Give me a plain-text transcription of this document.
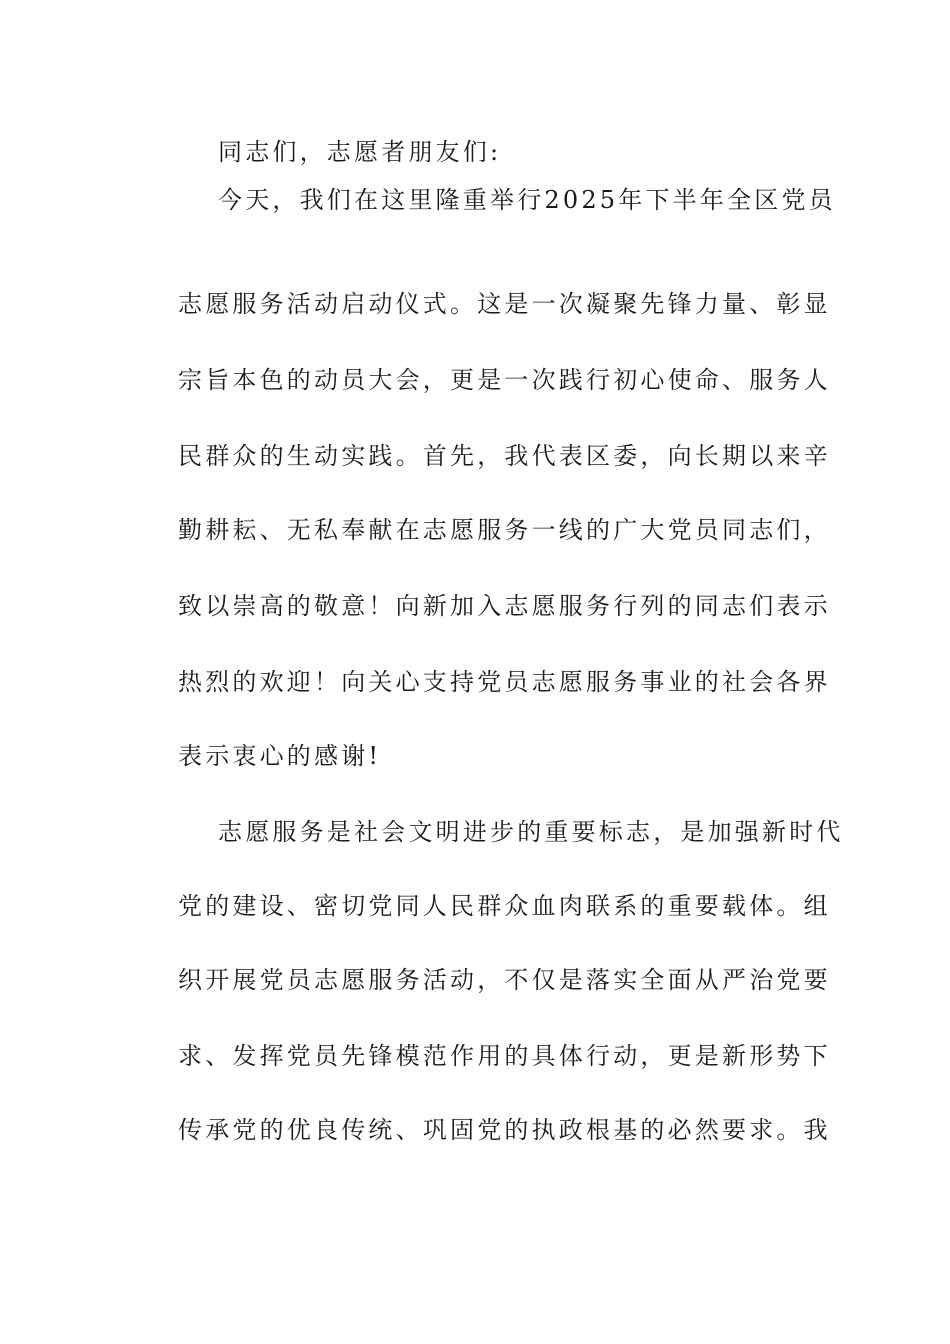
同志们，志愿者朋友们:
今天，我们在这里隆重举行2025年下半年全区党员
志愿服务活动启动仪式。这是一次凝聚先锋力量、彰显
宗旨本色的动员大会，更是一次践行初心使命、服务人
民群众的生动实践。首先，我代表区委，向长期以来辛
勤耕耘、无私奉献在志愿服务一线的广大党员同志们，
致以崇高的敬意！向新加入志愿服务行列的同志们表示
热烈的欢迎！向关心支持党员志愿服务事业的社会各界
表示衷心的感谢!
志愿服务是社会文明进步的重要标志，是加强新时代
党的建设、密切党同人民群众血肉联系的重要载体。组
织开展党员志愿服务活动，不仅是落实全面从严治党要
求、发挥党员先锋模范作用的具体行动，更是新形势下
传承党的优良传统、巩固党的执政根基的必然要求。我
